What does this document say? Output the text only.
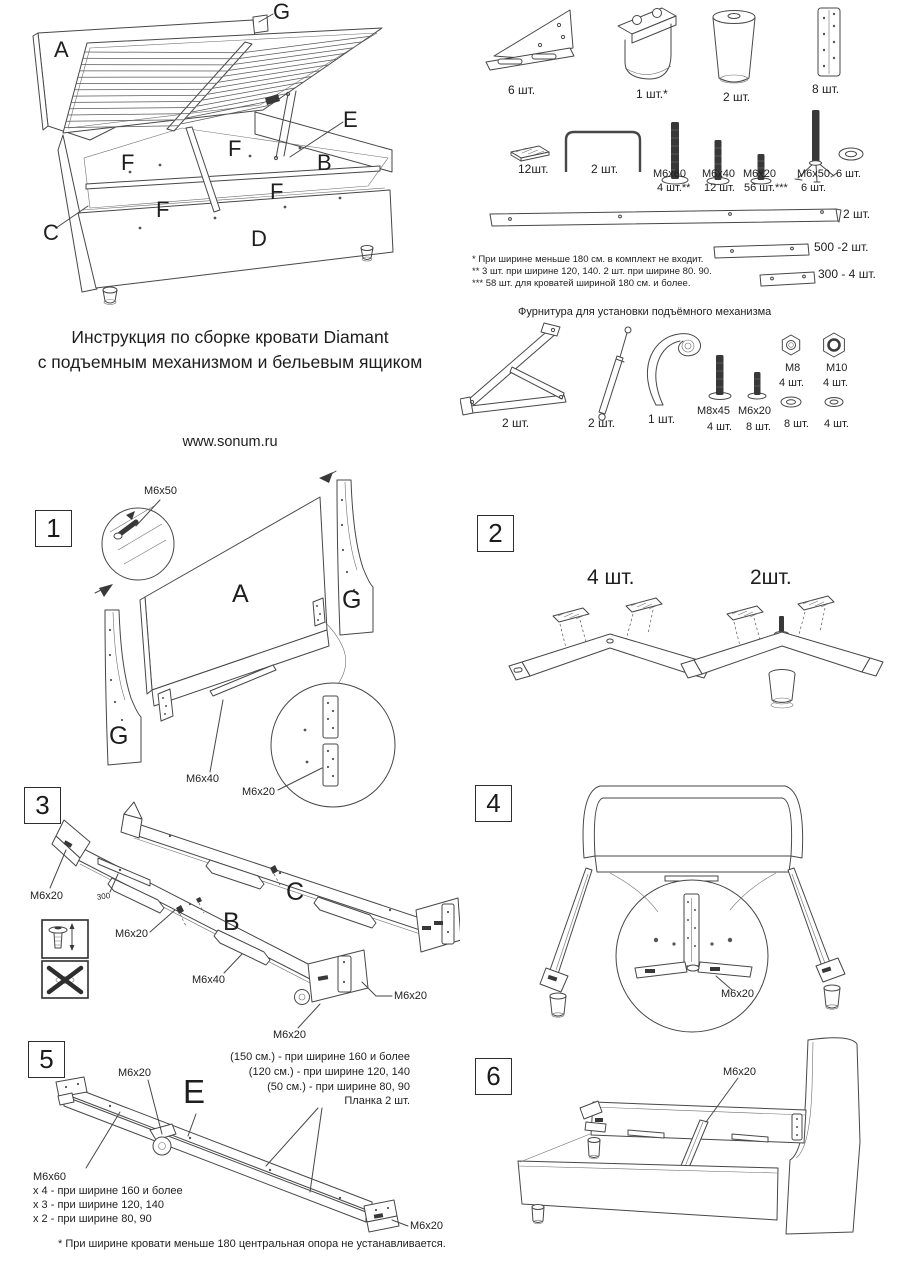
G
A
E
B
C	D
F
F
F
F
Инструкция по сборке кровати Diamant
с подъемным механизмом и бельевым ящиком
www.sonum.ru
6 шт.	1 шт.*	2 шт.
8 шт.
12шт.	2 шт.	M6x60
4 шт.**
M6x40
12 шт.
M6x20
56 шт.***
M6x50
6 шт.
6 шт.
2 шт.
500 -2 шт.
300 - 4 шт.
* При ширине меньше 180 см. в комплект не входит.
** 3 шт. при ширине 120, 140. 2 шт. при ширине 80. 90.
*** 58 шт. для кроватей шириной 180 см. и более.
Фурнитура для установки подъёмного механизма
2 шт.	2 шт.	1 шт.
M8x45 M6x20
4 шт. 8 шт.
M8 M10
4 шт. 4 шт.
8 шт. 4 шт.
1
M6x50
A	G
G
M6x40
M6x20
2
4 шт.	2шт.
3
M6x20	300
M6x20	B
C
M6x40
M6x20
M6x20
4
M6x20
5	M6x20 E
(150 см.) - при ширине 160 и более
(120 см.) - при ширине 120, 140
(50 см.) - при ширине 80, 90
Планка 2 шт.
M6x60
x 4 - при ширине 160 и более
x 3 - при ширине 120, 140
x 2 - при ширине 80, 90
M6x20
6	M6x20
* При ширине кровати меньше 180 центральная опора не устанавливается.
